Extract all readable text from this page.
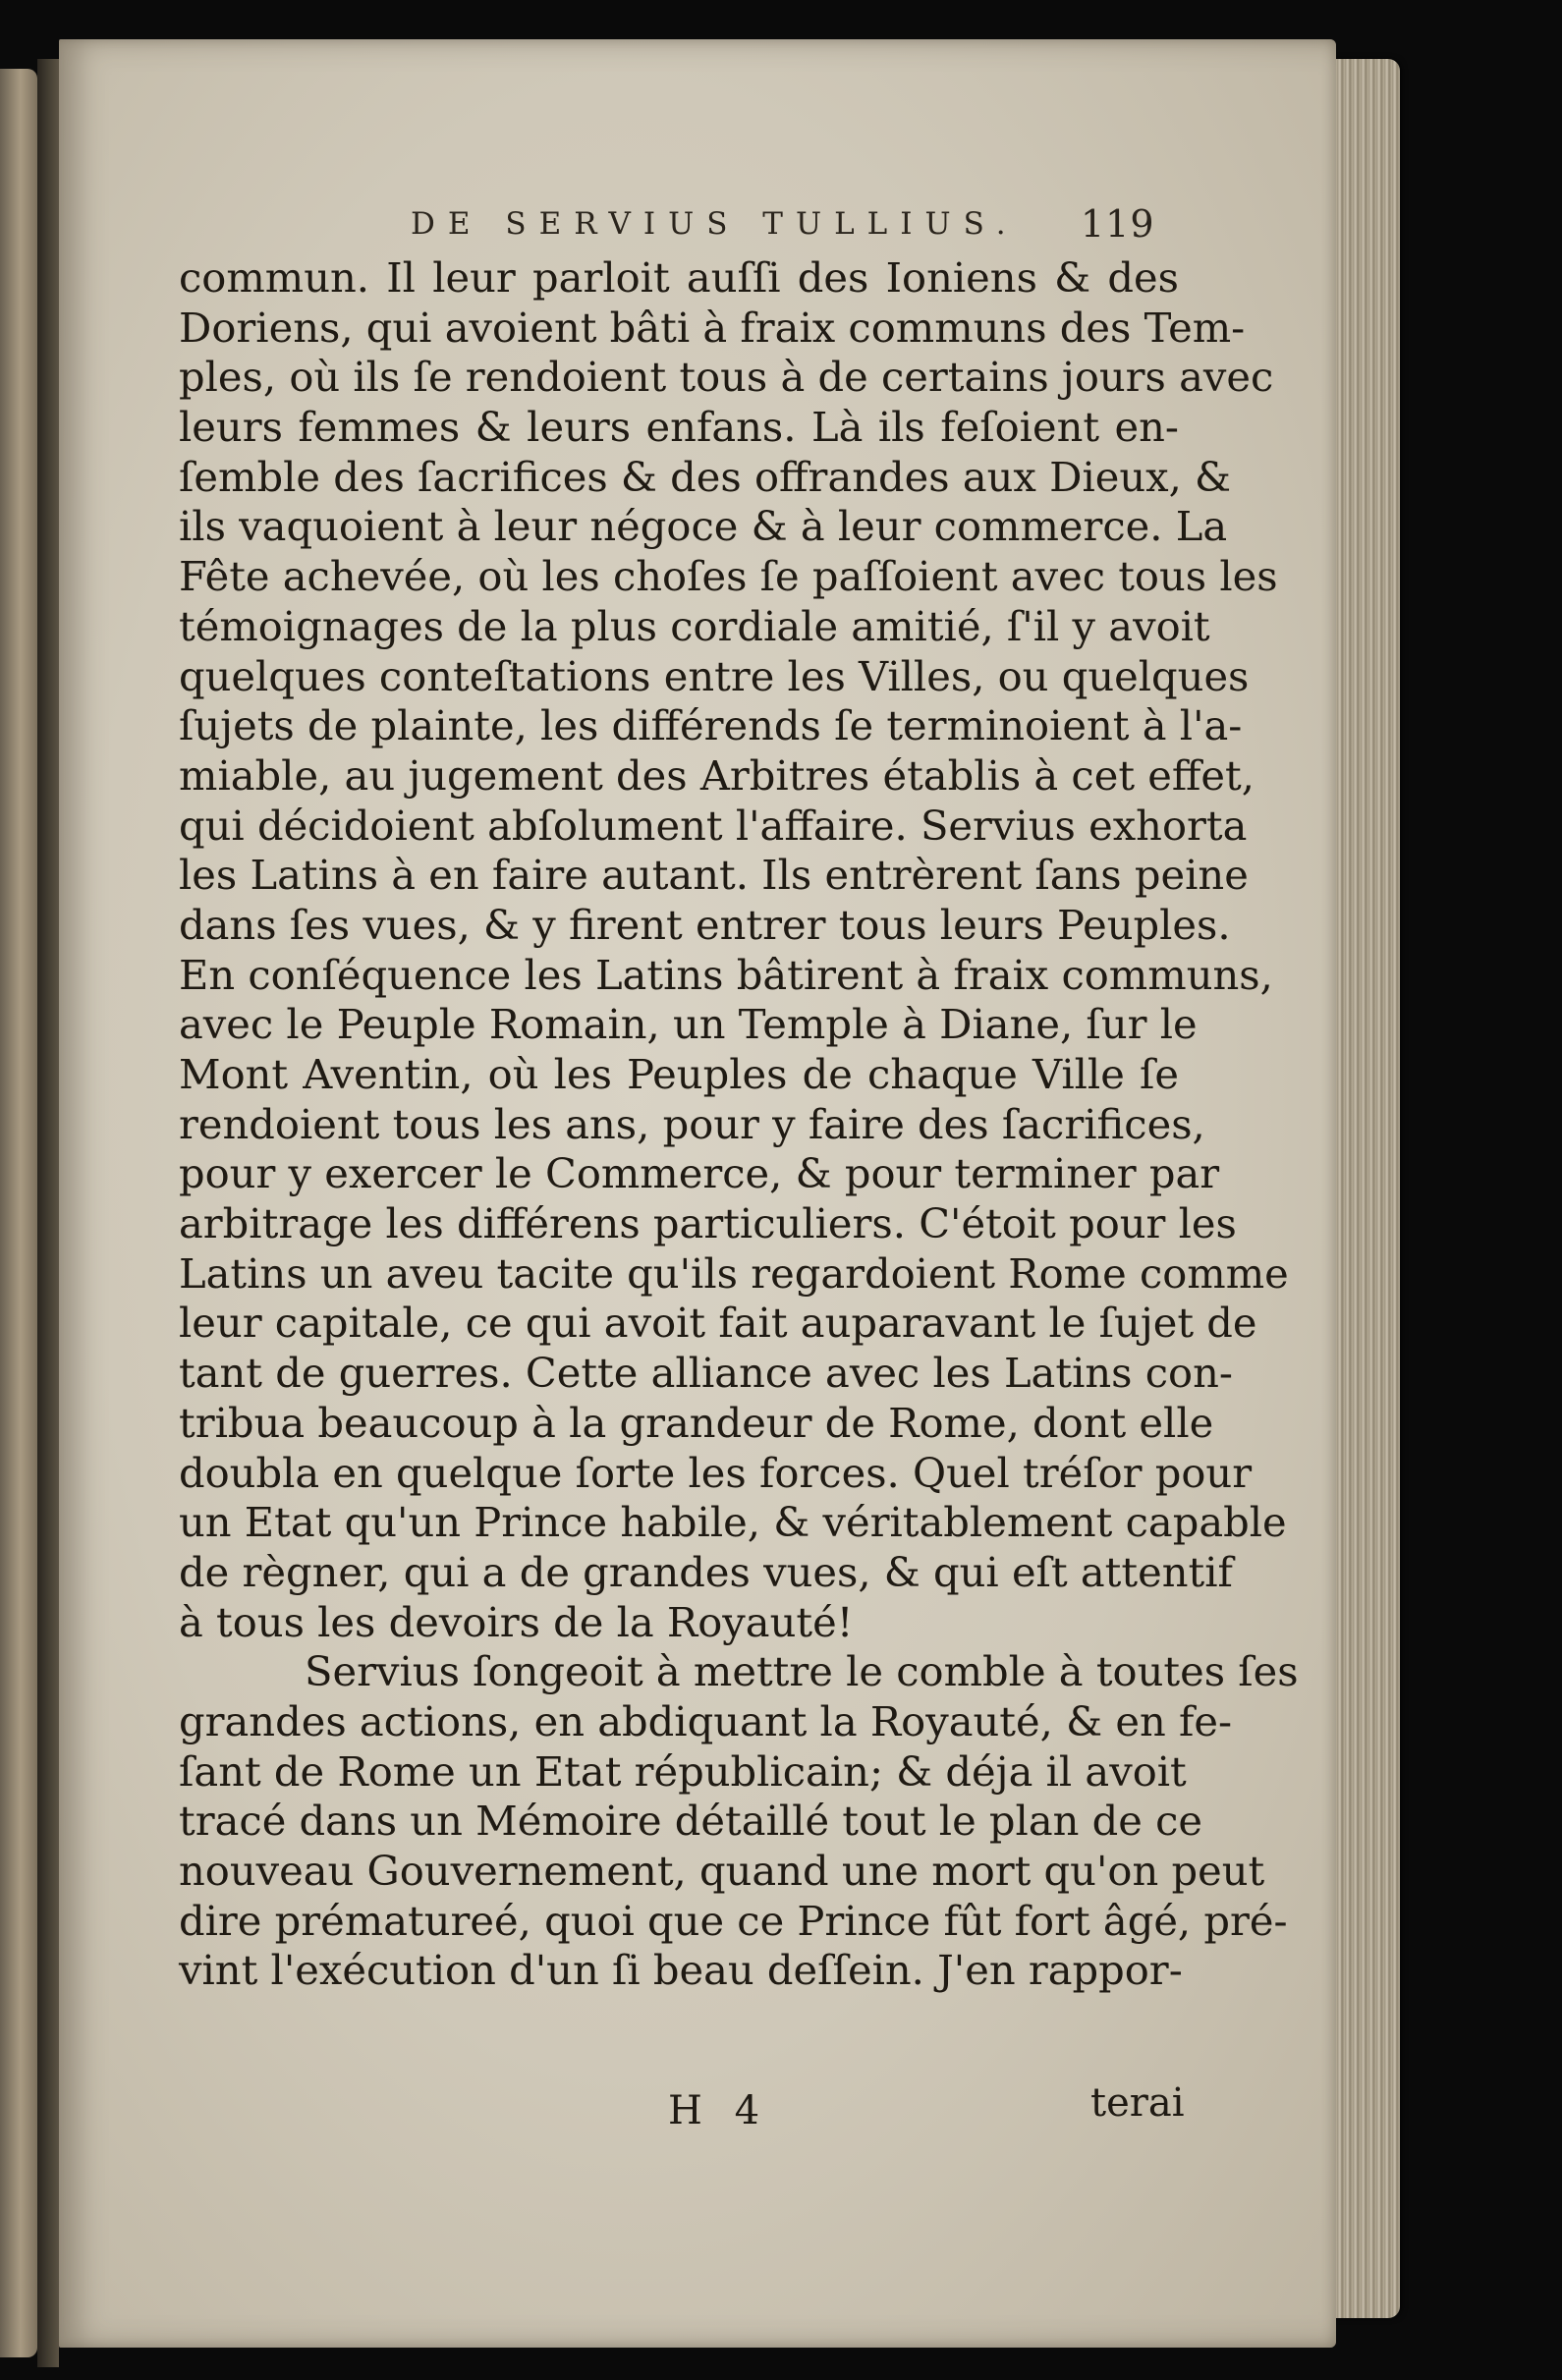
DE SERVIUS TULLIUS. 119
commun. Il leur parloit auſſi des Ioniens & des
Doriens, qui avoient bâti à fraix communs des Tem-
ples, où ils ſe rendoient tous à de certains jours avec
leurs femmes & leurs enfans. Là ils feſoient en-
ſemble des ſacrifices & des offrandes aux Dieux, &
ils vaquoient à leur négoce & à leur commerce. La
Fête achevée, où les choſes ſe paſſoient avec tous les
témoignages de la plus cordiale amitié, ſ'il y avoit
quelques conteſtations entre les Villes, ou quelques
ſujets de plainte, les différends ſe terminoient à l'a-
miable, au jugement des Arbitres établis à cet effet,
qui décidoient abſolument l'affaire. Servius exhorta
les Latins à en faire autant. Ils entrèrent ſans peine
dans ſes vues, & y firent entrer tous leurs Peuples.
En conſéquence les Latins bâtirent à fraix communs,
avec le Peuple Romain, un Temple à Diane, ſur le
Mont Aventin, où les Peuples de chaque Ville ſe
rendoient tous les ans, pour y faire des ſacrifices,
pour y exercer le Commerce, & pour terminer par
arbitrage les différens particuliers. C'étoit pour les
Latins un aveu tacite qu'ils regardoient Rome comme
leur capitale, ce qui avoit fait auparavant le ſujet de
tant de guerres. Cette alliance avec les Latins con-
tribua beaucoup à la grandeur de Rome, dont elle
doubla en quelque ſorte les forces. Quel tréſor pour
un Etat qu'un Prince habile, & véritablement capable
de règner, qui a de grandes vues, & qui eſt attentif
à tous les devoirs de la Royauté!
Servius ſongeoit à mettre le comble à toutes ſes
grandes actions, en abdiquant la Royauté, & en fe-
ſant de Rome un Etat républicain; & déja il avoit
tracé dans un Mémoire détaillé tout le plan de ce
nouveau Gouvernement, quand une mort qu'on peut
dire prématureé, quoi que ce Prince fût fort âgé, pré-
vint l'exécution d'un ſi beau deſſein. J'en rappor-
H 4	terai
